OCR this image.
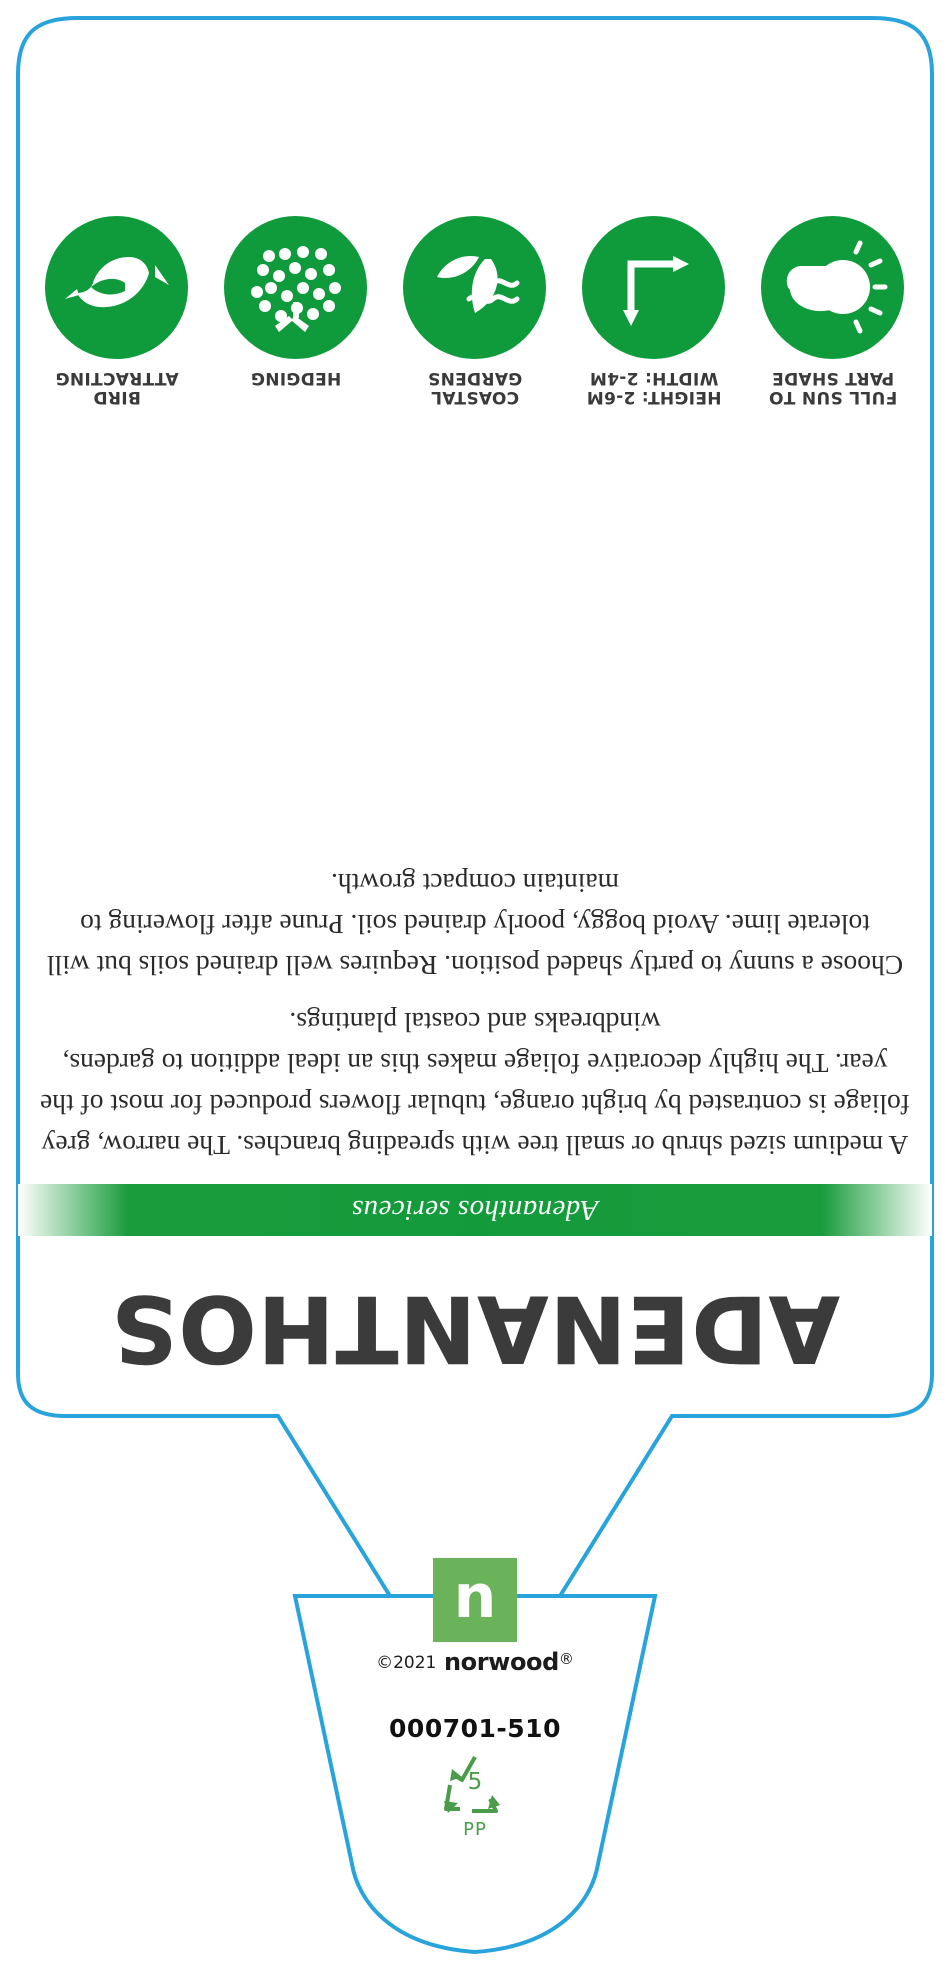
ADENANTHOS
Adenanthos sericeus

A medium sized shrub or small tree with spreading branches. The narrow, grey foliage is contrasted by bright orange, tubular flowers produced for most of the year. The highly decorative foliage makes this an ideal addition to gardens, windbreaks and coastal plantings.

Choose a sunny to partly shaded position. Requires well drained soils but will tolerate lime. Avoid boggy, poorly drained soil. Prune after flowering to maintain compact growth.

FULL SUN TO
PART SHADE
HEIGHT: 2-6M
WIDTH: 2-4M
COASTAL
GARDENS
HEDGING
BIRD
ATTRACTING
n
©2021 norwood®
000701-510
5
PP
